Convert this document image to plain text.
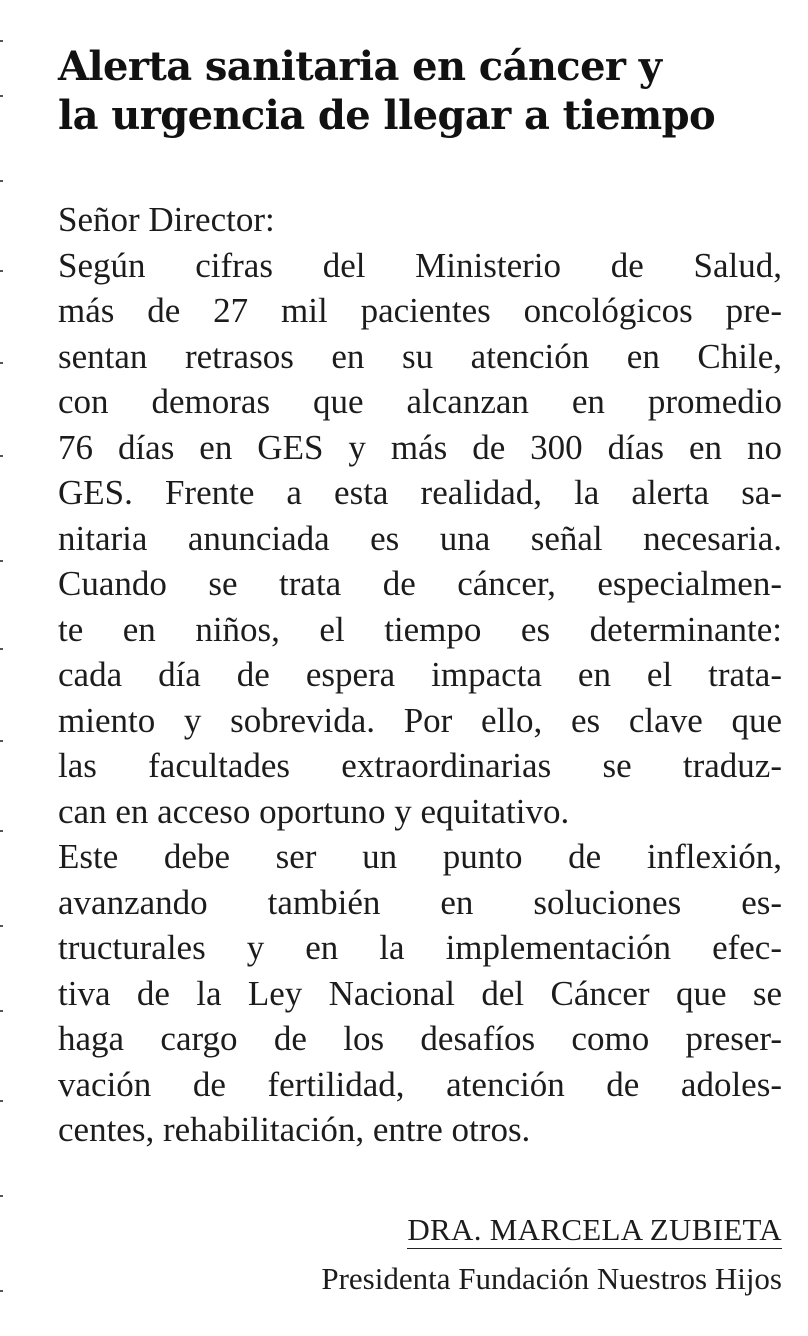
Alerta sanitaria en cáncer y
la urgencia de llegar a tiempo
Señor Director:
Según cifras del Ministerio de Salud,
más de 27 mil pacientes oncológicos pre-
sentan retrasos en su atención en Chile,
con demoras que alcanzan en promedio
76 días en GES y más de 300 días en no
GES. Frente a esta realidad, la alerta sa-
nitaria anunciada es una señal necesaria.
Cuando se trata de cáncer, especialmen-
te en niños, el tiempo es determinante:
cada día de espera impacta en el trata-
miento y sobrevida. Por ello, es clave que
las facultades extraordinarias se traduz-
can en acceso oportuno y equitativo.
Este debe ser un punto de inflexión,
avanzando también en soluciones es-
tructurales y en la implementación efec-
tiva de la Ley Nacional del Cáncer que se
haga cargo de los desafíos como preser-
vación de fertilidad, atención de adoles-
centes, rehabilitación, entre otros.
DRA. MARCELA ZUBIETA
Presidenta Fundación Nuestros Hijos
